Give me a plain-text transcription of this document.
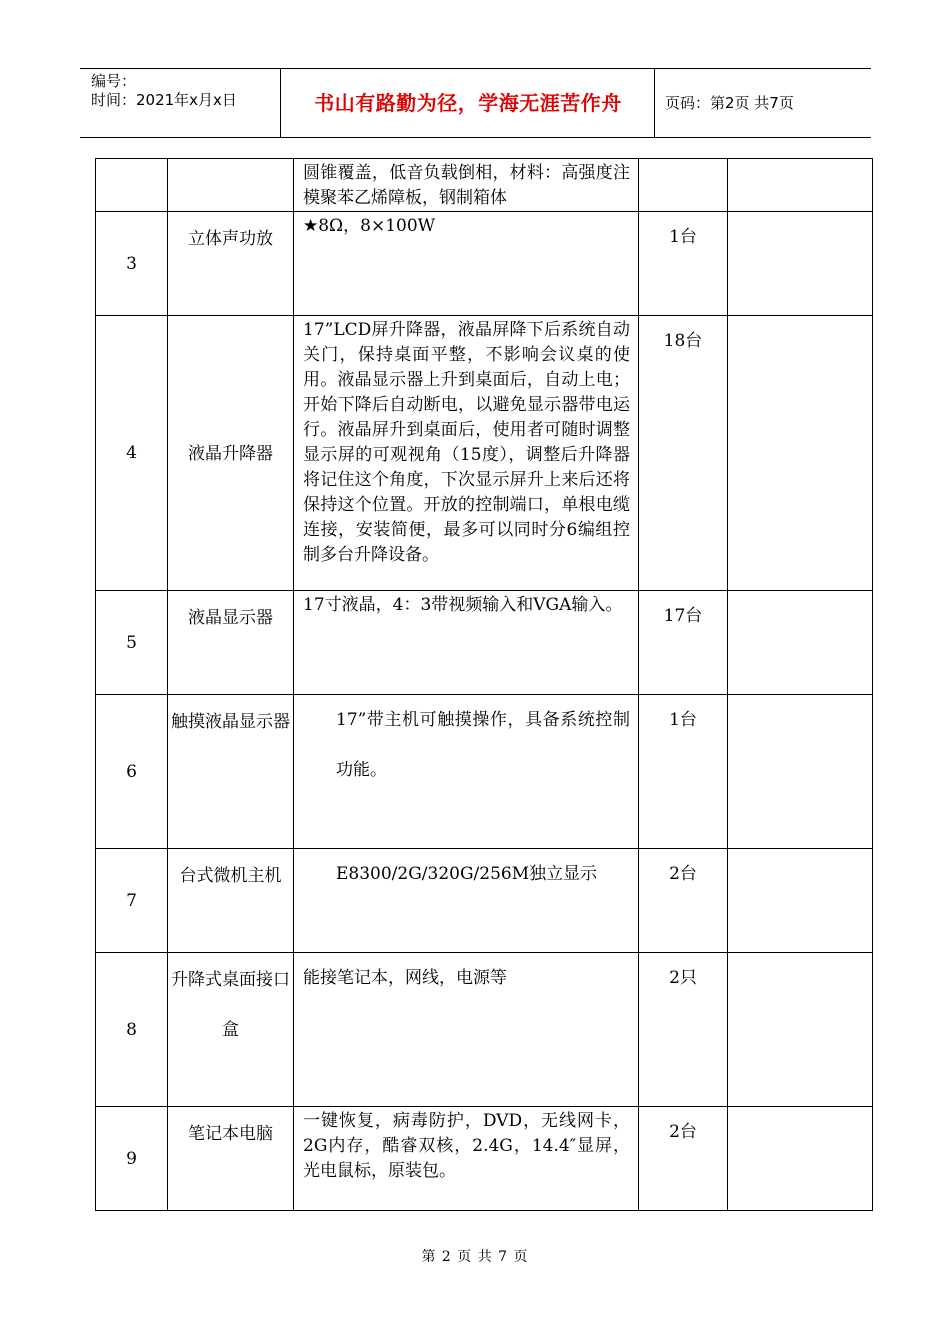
编号：
时间：2021年x月x日	书山有路勤为径，学海无涯苦作舟	页码：第2页 共7页
		圆锥覆盖，低音负载倒相，材料：高强度注模聚苯乙烯障板，钢制箱体		
3	立体声功放	★8Ω，8×100W	1台	
4	液晶升降器	17”LCD屏升降器，液晶屏降下后系统自动关门，保持桌面平整，不影响会议桌的使用。液晶显示器上升到桌面后，自动上电；开始下降后自动断电，以避免显示器带电运行。液晶屏升到桌面后，使用者可随时调整显示屏的可观视角（15度），调整后升降器将记住这个角度，下次显示屏升上来后还将保持这个位置。开放的控制端口，单根电缆连接，安装简便，最多可以同时分6编组控制多台升降设备。	18台	
5	液晶显示器	17寸液晶，4：3带视频输入和VGA输入。	17台	
6	触摸液晶显示器	17”带主机可触摸操作，具备系统控制功能。	1台	
7	台式微机主机	E8300/2G/320G/256M独立显示	2台	
8	升降式桌面接口盒	能接笔记本，网线，电源等	2只	
9	笔记本电脑	一键恢复，病毒防护，DVD，无线网卡，2G内存，酷睿双核，2.4G，14.4″显屏，光电鼠标，原装包。	2台	
第 2 页 共 7 页
